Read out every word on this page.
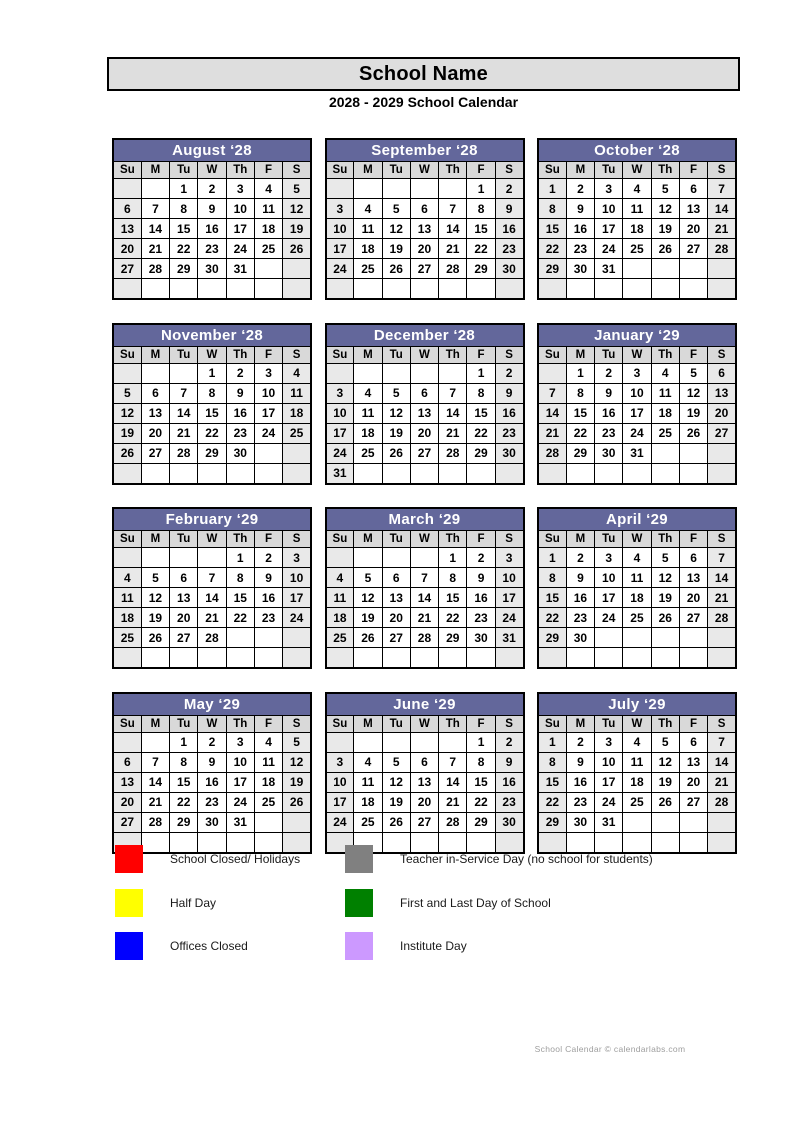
School Name
2028 - 2029 School Calendar
August ‘28						
Su	M	Tu	W	Th	F	S
		1	2	3	4	5
6	7	8	9	10	11	12
13	14	15	16	17	18	19
20	21	22	23	24	25	26
27	28	29	30	31		

September ‘28						
Su	M	Tu	W	Th	F	S
					1	2
3	4	5	6	7	8	9
10	11	12	13	14	15	16
17	18	19	20	21	22	23
24	25	26	27	28	29	30

October ‘28						
Su	M	Tu	W	Th	F	S
1	2	3	4	5	6	7
8	9	10	11	12	13	14
15	16	17	18	19	20	21
22	23	24	25	26	27	28
29	30	31				

November ‘28						
Su	M	Tu	W	Th	F	S
			1	2	3	4
5	6	7	8	9	10	11
12	13	14	15	16	17	18
19	20	21	22	23	24	25
26	27	28	29	30		

December ‘28						
Su	M	Tu	W	Th	F	S
					1	2
3	4	5	6	7	8	9
10	11	12	13	14	15	16
17	18	19	20	21	22	23
24	25	26	27	28	29	30
31						
January ‘29						
Su	M	Tu	W	Th	F	S
	1	2	3	4	5	6
7	8	9	10	11	12	13
14	15	16	17	18	19	20
21	22	23	24	25	26	27
28	29	30	31			

February ‘29						
Su	M	Tu	W	Th	F	S
				1	2	3
4	5	6	7	8	9	10
11	12	13	14	15	16	17
18	19	20	21	22	23	24
25	26	27	28			

March ‘29						
Su	M	Tu	W	Th	F	S
				1	2	3
4	5	6	7	8	9	10
11	12	13	14	15	16	17
18	19	20	21	22	23	24
25	26	27	28	29	30	31

April ‘29						
Su	M	Tu	W	Th	F	S
1	2	3	4	5	6	7
8	9	10	11	12	13	14
15	16	17	18	19	20	21
22	23	24	25	26	27	28
29	30					

May ‘29						
Su	M	Tu	W	Th	F	S
		1	2	3	4	5
6	7	8	9	10	11	12
13	14	15	16	17	18	19
20	21	22	23	24	25	26
27	28	29	30	31		

June ‘29						
Su	M	Tu	W	Th	F	S
					1	2
3	4	5	6	7	8	9
10	11	12	13	14	15	16
17	18	19	20	21	22	23
24	25	26	27	28	29	30

July ‘29						
Su	M	Tu	W	Th	F	S
1	2	3	4	5	6	7
8	9	10	11	12	13	14
15	16	17	18	19	20	21
22	23	24	25	26	27	28
29	30	31				

School Closed/ Holidays	Teacher in-Service Day (no school for students)
Half Day	First and Last Day of School
Offices Closed	Institute Day
School Calendar © calendarlabs.com
